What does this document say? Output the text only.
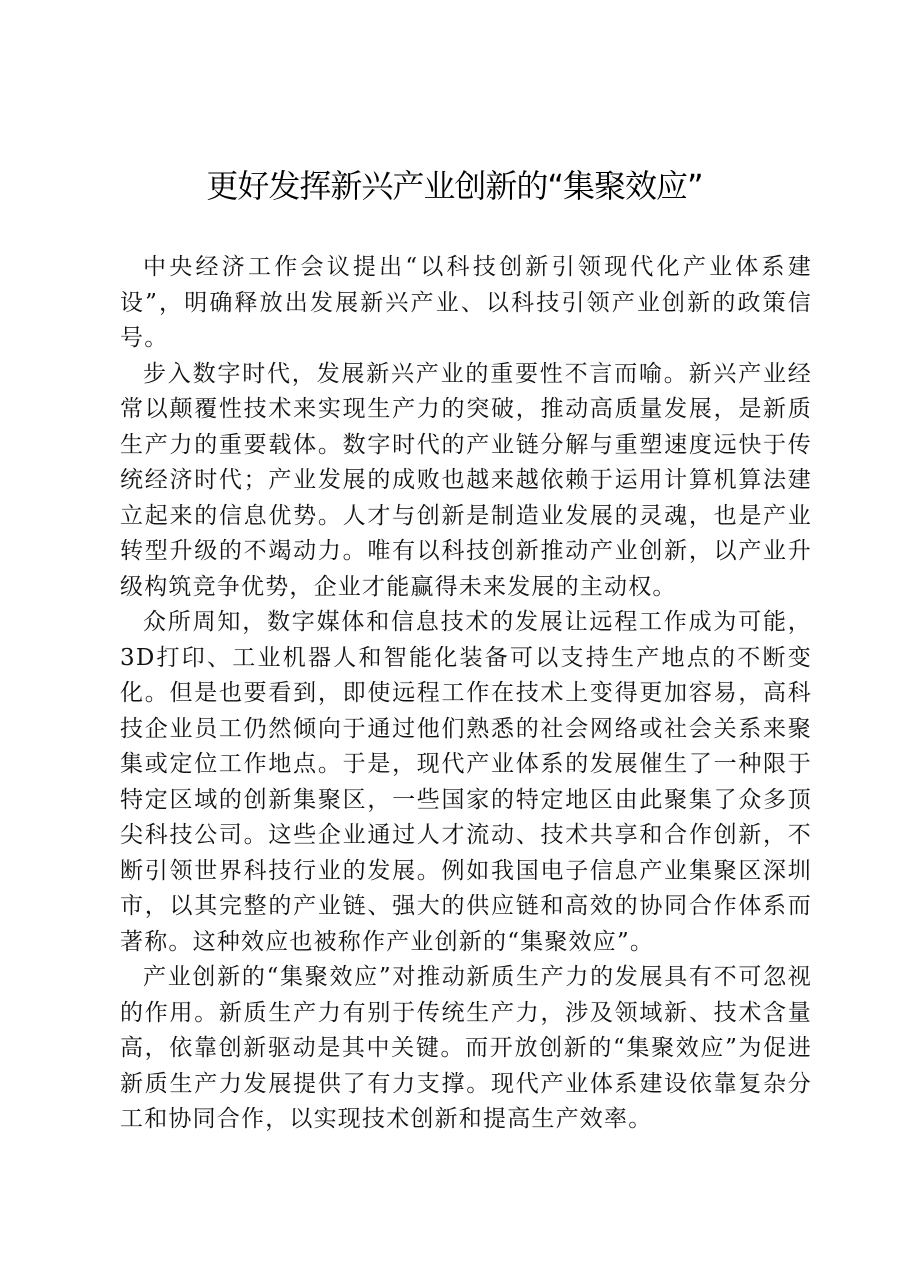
更好发挥新兴产业创新的“集聚效应”

中央经济工作会议提出“以科技创新引领现代化产业体系建设”，明确释放出发展新兴产业、以科技引领产业创新的政策信号。

步入数字时代，发展新兴产业的重要性不言而喻。新兴产业经常以颠覆性技术来实现生产力的突破，推动高质量发展，是新质生产力的重要载体。数字时代的产业链分解与重塑速度远快于传统经济时代；产业发展的成败也越来越依赖于运用计算机算法建立起来的信息优势。人才与创新是制造业发展的灵魂，也是产业转型升级的不竭动力。唯有以科技创新推动产业创新，以产业升级构筑竞争优势，企业才能赢得未来发展的主动权。

众所周知，数字媒体和信息技术的发展让远程工作成为可能，3D打印、工业机器人和智能化装备可以支持生产地点的不断变化。但是也要看到，即使远程工作在技术上变得更加容易，高科技企业员工仍然倾向于通过他们熟悉的社会网络或社会关系来聚集或定位工作地点。于是，现代产业体系的发展催生了一种限于特定区域的创新集聚区，一些国家的特定地区由此聚集了众多顶尖科技公司。这些企业通过人才流动、技术共享和合作创新，不断引领世界科技行业的发展。例如我国电子信息产业集聚区深圳市，以其完整的产业链、强大的供应链和高效的协同合作体系而著称。这种效应也被称作产业创新的“集聚效应”。

产业创新的“集聚效应”对推动新质生产力的发展具有不可忽视的作用。新质生产力有别于传统生产力，涉及领域新、技术含量高，依靠创新驱动是其中关键。而开放创新的“集聚效应”为促进新质生产力发展提供了有力支撑。现代产业体系建设依靠复杂分工和协同合作，以实现技术创新和提高生产效率。
